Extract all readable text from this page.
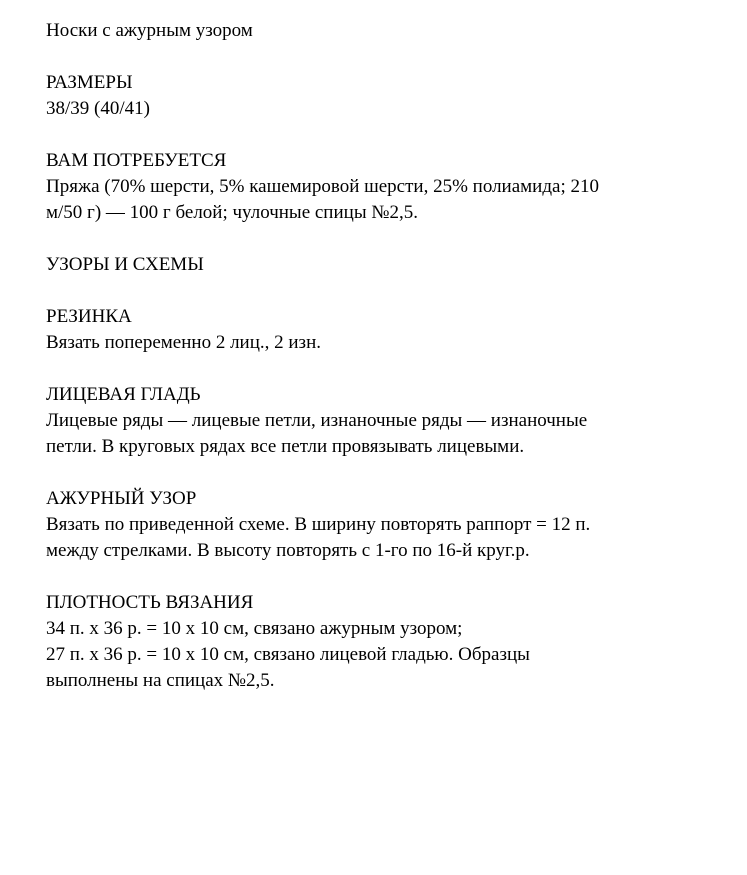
Носки с ажурным узором
РАЗМЕРЫ
38/39 (40/41)
ВАМ ПОТРЕБУЕТСЯ
Пряжа (70% шерсти, 5% кашемировой шерсти, 25% полиамида; 210
м/50 г) — 100 г белой; чулочные спицы №2,5.
УЗОРЫ И СХЕМЫ
РЕЗИНКА
Вязать попеременно 2 лиц., 2 изн.
ЛИЦЕВАЯ ГЛАДЬ
Лицевые ряды — лицевые петли, изнаночные ряды — изнаночные
петли. В круговых рядах все петли провязывать лицевыми.
АЖУРНЫЙ УЗОР
Вязать по приведенной схеме. В ширину повторять раппорт = 12 п.
между стрелками. В высоту повторять с 1-го по 16-й круг.р.
ПЛОТНОСТЬ ВЯЗАНИЯ
34 п. х 36 р. = 10 х 10 см, связано ажурным узором;
27 п. х 36 р. = 10 х 10 см, связано лицевой гладью. Образцы
выполнены на спицах №2,5.
